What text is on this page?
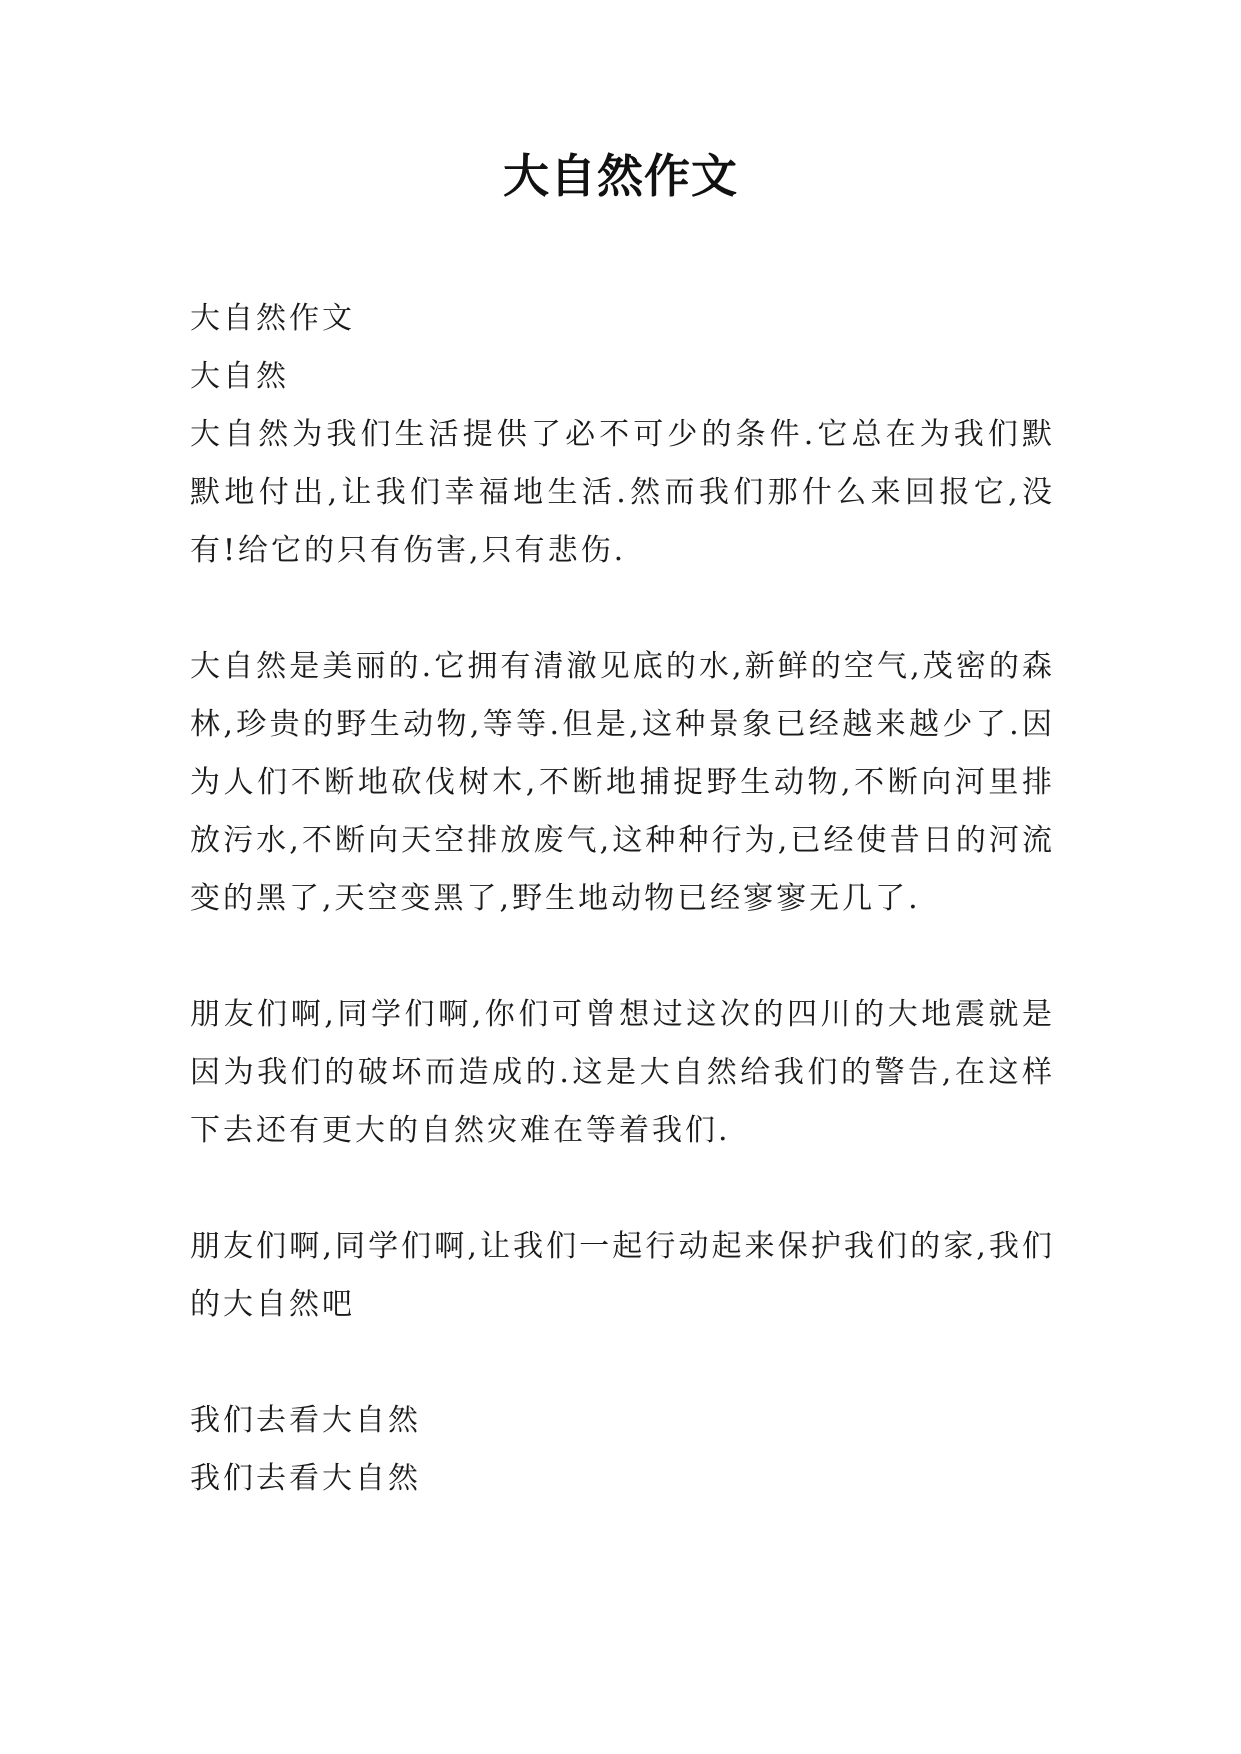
大自然作文

大自然作文

大自然

大自然为我们生活提供了必不可少的条件.它总在为我们默默地付出,让我们幸福地生活.然而我们那什么来回报它,没有!给它的只有伤害,只有悲伤.

大自然是美丽的.它拥有清澈见底的水,新鲜的空气,茂密的森林,珍贵的野生动物,等等.但是,这种景象已经越来越少了.因为人们不断地砍伐树木,不断地捕捉野生动物,不断向河里排放污水,不断向天空排放废气,这种种行为,已经使昔日的河流变的黑了,天空变黑了,野生地动物已经寥寥无几了.

朋友们啊,同学们啊,你们可曾想过这次的四川的大地震就是因为我们的破坏而造成的.这是大自然给我们的警告,在这样下去还有更大的自然灾难在等着我们.

朋友们啊,同学们啊,让我们一起行动起来保护我们的家,我们的大自然吧

我们去看大自然

我们去看大自然
